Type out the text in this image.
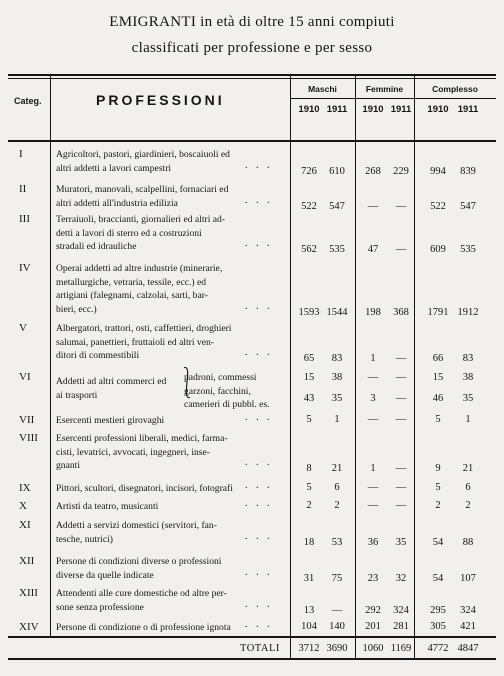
EMIGRANTI in età di oltre 15 anni compiuti
classificati per professione e per sesso
Categ.	PROFESSIONI
Maschi	Femmine	Complesso
1910 1911	1910 1911	1910 1911
I	Agricoltori, pastori, giardinieri, boscaiuoli ed
altri addetti a lavori campestri	. . .
726	610	268	229	994	839
II	Muratori, manovali, scalpellini, fornaciari ed
altri addetti all'industria edilizia	. . .
522	547	—	—	522	547
III	Terraiuoli, braccianti, giornalieri ed altri ad-
detti a lavori di sterro ed a costruzioni
stradali ed idrauliche	. . .
562	535	47	—	609	535
IV	Operai addetti ad altre industrie (minerarie,
metallurgiche, vetraria, tessile, ecc.) ed
artigiani (falegnami, calzolai, sarti, bar-
bieri, ecc.)	. . .
1593 1544	198	368	1791 1912
V	Albergatori, trattori, osti, caffettieri, droghieri
salumai, panettieri, fruttaioli ed altri ven-
ditori di commestibili	. . .
65	83	1	—	66	83
VI	Addetti ad altri commerci ed ai trasporti	⎱
padroni, commessi
garzoni, facchini, camerieri di pubbl. es.
15	38	—	—	15	38
43	35	3	—	46	35
VII Esercenti mestieri girovaghi	. . .	5	1	—	—	5	1
VIII Esercenti professioni liberali, medici, farma-
cisti, levatrici, avvocati, ingegneri, inse-
gnanti	. . .
8	21	1	—	9	21
IX	Pittori, scultori, disegnatori, incisori, fotografi	. . .	5	6	—	—	5	6
X	Artisti da teatro, musicanti	. . .	2	2	—	—	2	2
XI	Addetti a servizi domestici (servitori, fan-
tesche, nutrici)	. . .
18	53	36	35	54	88
XII Persone di condizioni diverse o professioni
diverse da quelle indicate	. . .
31	75	23	32	54	107
XIII Attendenti alle cure domestiche od altre per-
sone senza professione	. . .
13	—	292	324	295	324
XIV Persone di condizione o di professione ignota	. . .	104	140	201	281	305	421
TOTALI 3712 3690 1060 1169 4772 4847
